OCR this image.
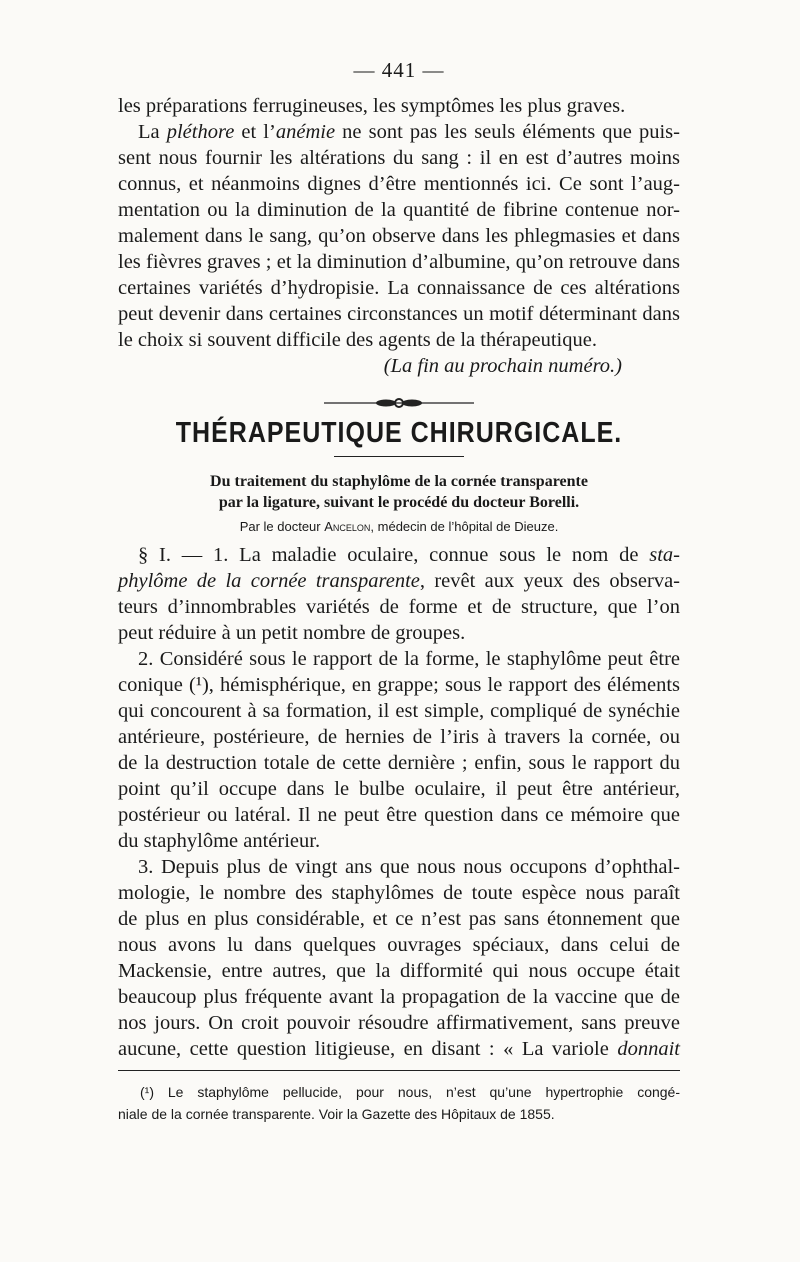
— 441 —
les préparations ferrugineuses, les symptômes les plus graves.
La pléthore et l’anémie ne sont pas les seuls éléments que puis-
sent nous fournir les altérations du sang : il en est d’autres moins
connus, et néanmoins dignes d’être mentionnés ici. Ce sont l’aug-
mentation ou la diminution de la quantité de fibrine contenue nor-
malement dans le sang, qu’on observe dans les phlegmasies et dans
les fièvres graves ; et la diminution d’albumine, qu’on retrouve dans
certaines variétés d’hydropisie. La connaissance de ces altérations
peut devenir dans certaines circonstances un motif déterminant dans
le choix si souvent difficile des agents de la thérapeutique.
(La fin au prochain numéro.)
THÉRAPEUTIQUE CHIRURGICALE.
Du traitement du staphylôme de la cornée transparente
par la ligature, suivant le procédé du docteur Borelli.
Par le docteur Ancelon, médecin de l’hôpital de Dieuze.
§ I. — 1. La maladie oculaire, connue sous le nom de sta-
phylôme de la cornée transparente, revêt aux yeux des observa-
teurs d’innombrables variétés de forme et de structure, que l’on
peut réduire à un petit nombre de groupes.
2. Considéré sous le rapport de la forme, le staphylôme peut être
conique (¹), hémisphérique, en grappe; sous le rapport des éléments
qui concourent à sa formation, il est simple, compliqué de synéchie
antérieure, postérieure, de hernies de l’iris à travers la cornée, ou
de la destruction totale de cette dernière ; enfin, sous le rapport du
point qu’il occupe dans le bulbe oculaire, il peut être antérieur,
postérieur ou latéral. Il ne peut être question dans ce mémoire que
du staphylôme antérieur.
3. Depuis plus de vingt ans que nous nous occupons d’ophthal-
mologie, le nombre des staphylômes de toute espèce nous paraît
de plus en plus considérable, et ce n’est pas sans étonnement que
nous avons lu dans quelques ouvrages spéciaux, dans celui de
Mackensie, entre autres, que la difformité qui nous occupe était
beaucoup plus fréquente avant la propagation de la vaccine que de
nos jours. On croit pouvoir résoudre affirmativement, sans preuve
aucune, cette question litigieuse, en disant : « La variole donnait
(¹) Le staphylôme pellucide, pour nous, n’est qu’une hypertrophie congé-
niale de la cornée transparente. Voir la Gazette des Hôpitaux de 1855.
